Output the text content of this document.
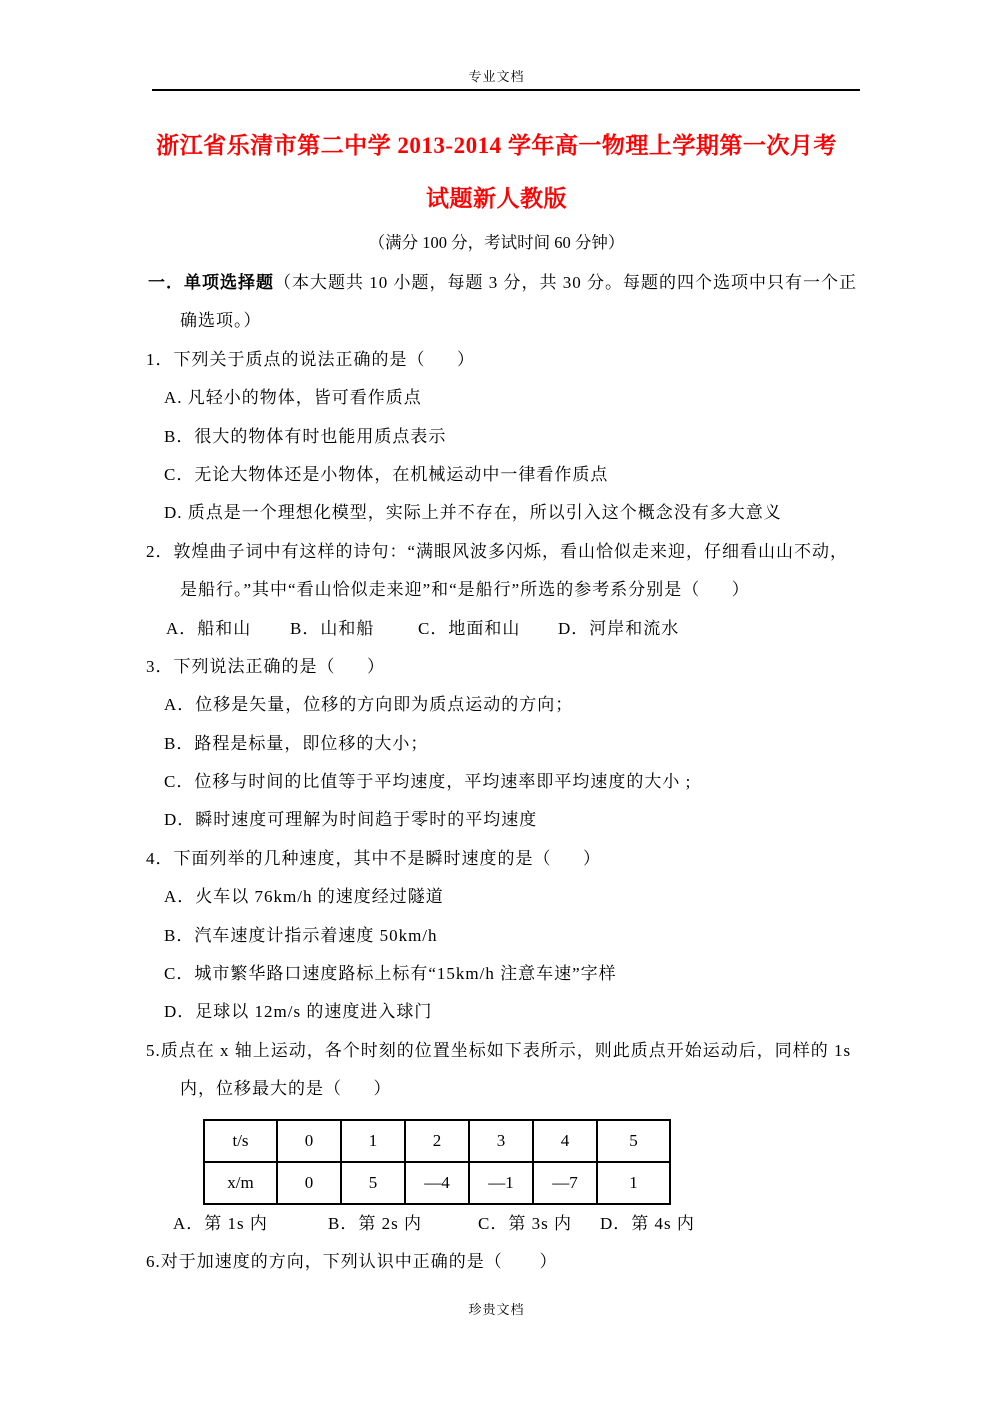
专业文档
浙江省乐清市第二中学 2013-2014 学年高一物理上学期第一次月考
试题新人教版
（满分 100 分，考试时间 60 分钟）
一．单项选择题（本大题共 10 小题，每题 3 分，共 30 分。每题的四个选项中只有一个正
确选项。）
1．下列关于质点的说法正确的是（      ）
A. 凡轻小的物体，皆可看作质点
B．很大的物体有时也能用质点表示
C．无论大物体还是小物体，在机械运动中一律看作质点
D. 质点是一个理想化模型，实际上并不存在，所以引入这个概念没有多大意义
2．敦煌曲子词中有这样的诗句：“满眼风波多闪烁，看山恰似走来迎，仔细看山山不动，
是船行。”其中“看山恰似走来迎”和“是船行”所选的参考系分别是（      ）

A．船和山

B．山和船

	C．地面和山

D．河岸和流水

3．下列说法正确的是（      ）
A．位移是矢量，位移的方向即为质点运动的方向；
B．路程是标量，即位移的大小；
C．位移与时间的比值等于平均速度，平均速率即平均速度的大小 ;
D．瞬时速度可理解为时间趋于零时的平均速度
4．下面列举的几种速度，其中不是瞬时速度的是（      ）
A．火车以 76km/h 的速度经过隧道
B．汽车速度计指示着速度 50km/h
C．城市繁华路口速度路标上标有“15km/h 注意车速”字样
D．足球以 12m/s 的速度进入球门
5.质点在 x 轴上运动，各个时刻的位置坐标如下表所示，则此质点开始运动后，同样的 1s
内，位移最大的是（      ）
t/s	0	1	2	3	4	5
x/m	0	5	—4	—1	—7	1

A．第 1s 内

	B．第 2s 内

	C．第 3s 内

D．第 4s 内

6.对于加速度的方向，下列认识中正确的是（       ）
珍贵文档
